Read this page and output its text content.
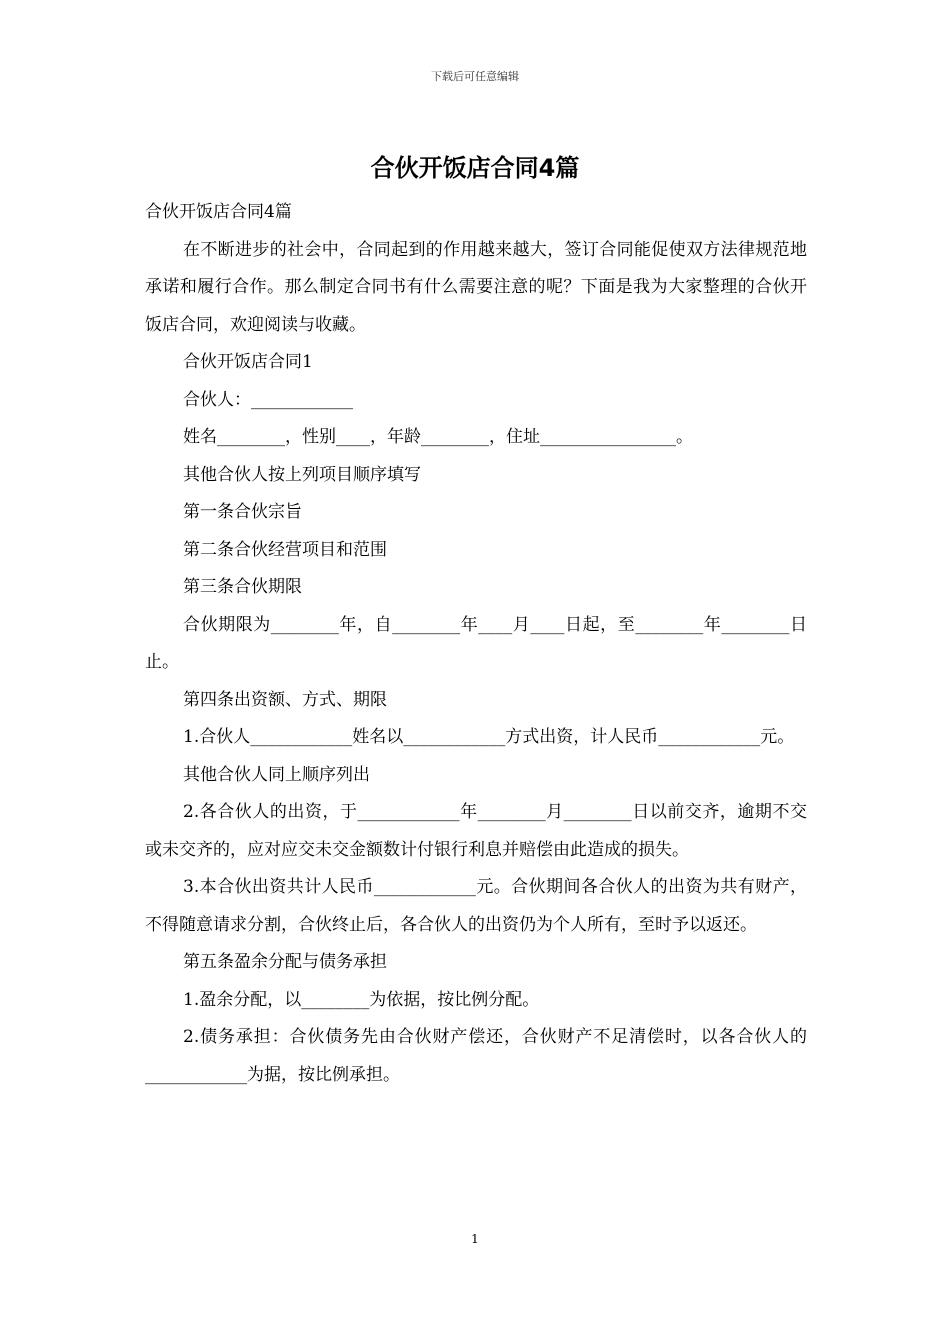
下载后可任意编辑
合伙开饭店合同4篇

合伙开饭店合同4篇

在不断进步的社会中，合同起到的作用越来越大，签订合同能促使双方法律规范地承诺和履行合作。那么制定合同书有什么需要注意的呢？下面是我为大家整理的合伙开饭店合同，欢迎阅读与收藏。

合伙开饭店合同1

合伙人：____________

姓名________，性别____，年龄________，住址________________。

其他合伙人按上列项目顺序填写

第一条合伙宗旨

第二条合伙经营项目和范围

第三条合伙期限

合伙期限为________年，自________年____月____日起，至________年________日止。

第四条出资额、方式、期限

1.合伙人____________姓名以____________方式出资，计人民币____________元。

其他合伙人同上顺序列出

2.各合伙人的出资，于____________年________月________日以前交齐，逾期不交或未交齐的，应对应交未交金额数计付银行利息并赔偿由此造成的损失。

3.本合伙出资共计人民币____________元。合伙期间各合伙人的出资为共有财产，不得随意请求分割，合伙终止后，各合伙人的出资仍为个人所有，至时予以返还。

第五条盈余分配与债务承担

1.盈余分配，以________为依据，按比例分配。

2.债务承担：合伙债务先由合伙财产偿还，合伙财产不足清偿时，以各合伙人的____________为据，按比例承担。

1
